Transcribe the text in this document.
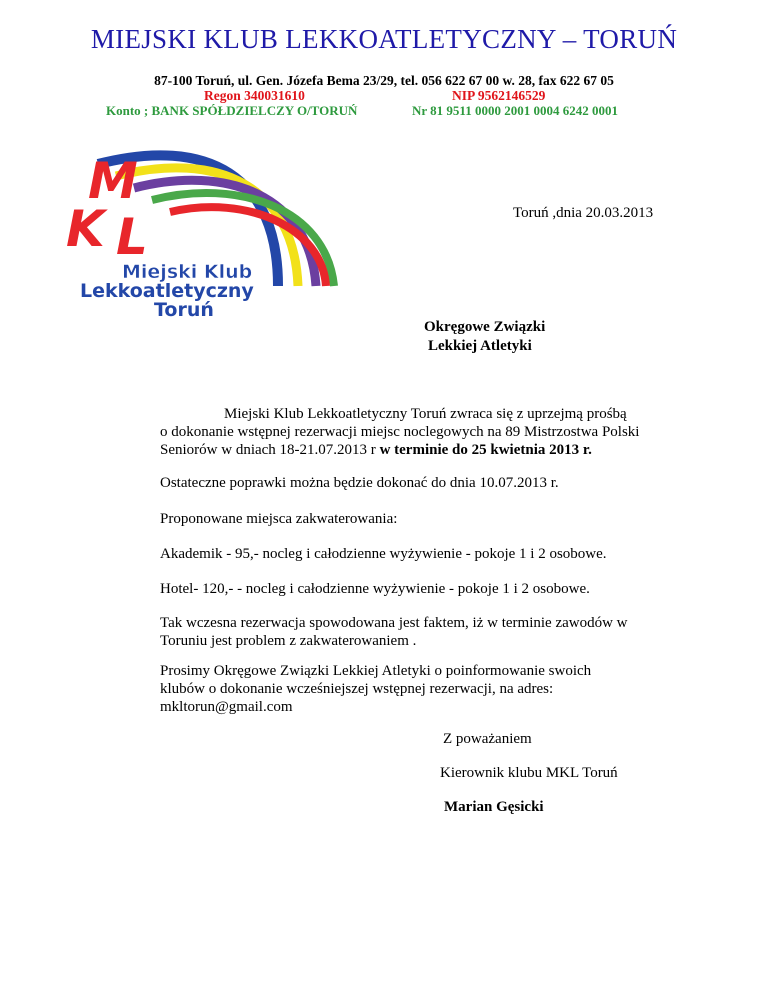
MIEJSKI KLUB LEKKOATLETYCZNY – TORUŃ
87-100 Toruń, ul. Gen. Józefa Bema 23/29, tel. 056 622 67 00 w. 28, fax 622 67 05
Regon 340031610	NIP 9562146529
Konto ; BANK SPÓŁDZIELCZY O/TORUŃ	Nr 81 9511 0000 2001 0004 6242 0001
M
K L
Miejski Klub
Lekkoatletyczny
Toruń
Toruń ,dnia 20.03.2013
Okręgowe Związki
Lekkiej Atletyki
Miejski Klub Lekkoatletyczny Toruń zwraca się z uprzejmą prośbą
o dokonanie wstępnej rezerwacji miejsc noclegowych na 89 Mistrzostwa Polski
Seniorów w dniach 18-21.07.2013 r w terminie do 25 kwietnia 2013 r.
Ostateczne poprawki można będzie dokonać do dnia 10.07.2013 r.
Proponowane miejsca zakwaterowania:
Akademik - 95,- nocleg i całodzienne wyżywienie - pokoje 1 i 2 osobowe.
Hotel- 120,- - nocleg i całodzienne wyżywienie - pokoje 1 i 2 osobowe.
Tak wczesna rezerwacja spowodowana jest faktem, iż w terminie zawodów w
Toruniu jest problem z zakwaterowaniem .
Prosimy Okręgowe Związki Lekkiej Atletyki o poinformowanie swoich
klubów o dokonanie wcześniejszej wstępnej rezerwacji, na adres:
mkltorun@gmail.com
Z poważaniem
Kierownik klubu MKL Toruń
Marian Gęsicki
